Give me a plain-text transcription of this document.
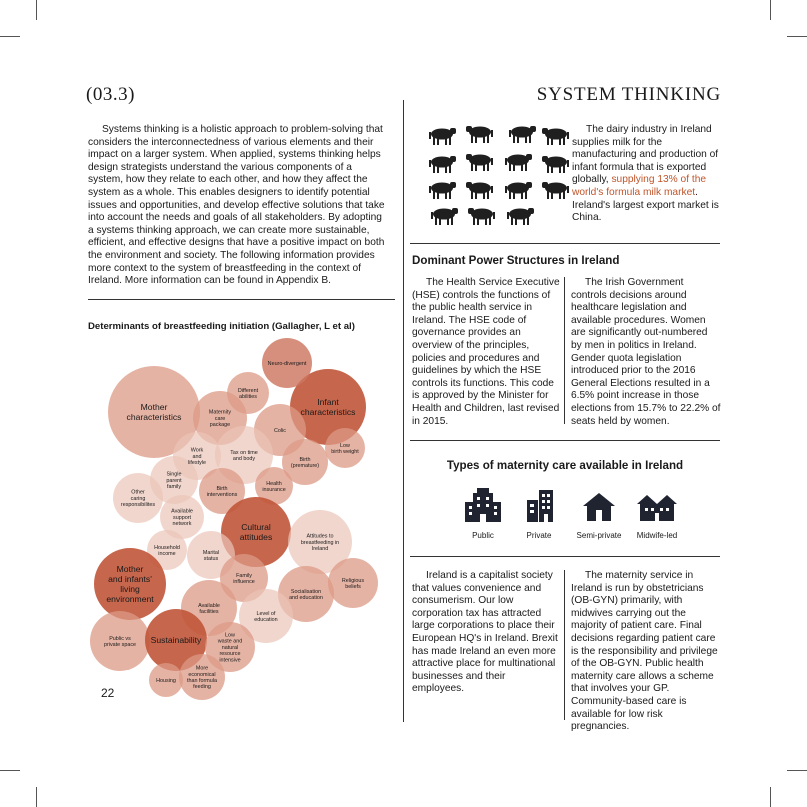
(03.3)	SYSTEM THINKING
Systems thinking is a holistic approach to problem-solving that considers the interconnectedness of various elements and their impact on a larger system. When applied, systems thinking helps design strategists understand the various components of a system, how they relate to each other, and how they affect the system as a whole. This enables designers to identify potential issues and opportunities, and develop effective solutions that take into account the needs and goals of all stakeholders. By adopting a systems thinking approach, we can create more sustainable, efficient, and effective designs that have a positive impact on both the environment and society. The following information provides more context to the system of breastfeeding in the context of Ireland. More information can be found in Appendix B.
Determinants of breastfeeding initiation (Gallagher, L et al)
Mother characteristics
Infant characteristics
Neuro-divergent
Different abilities
Maternity care package
Colic
Low birth weight
Birth (premature)
Work and lifestyle
Tax on time and body
Single parent family
Other caring responsibilites
Birth interventions
Health insurance
Available support network	Cultural attitudes	Attitudes to breastfeeding in Ireland
Household income	Marital status
Mother and infants' living environment
Family influence
Socialisation and education
Religious beliefs
Available facilities	Level of education
Public vs private space Sustainability	Low waste and natural resource intensive
Housing
More economical than formula feeding
22
The dairy industry in Ireland supplies milk for the manufacturing and production of infant formula that is exported globally, supplying 13% of the world's formula milk market. Ireland's largest export market is China.
Dominant Power Structures in Ireland
The Health Service Executive (HSE) controls the functions of the public health service in Ireland. The HSE code of governance provides an overview of the principles, policies and procedures and guidelines by which the HSE controls its functions. This code is approved by the Minister for Health and Children, last revised in 2015.
The Irish Government controls decisions around healthcare legislation and available procedures. Women are significantly out-numbered by men in politics in Ireland. Gender quota legislation introduced prior to the 2016 General Elections resulted in a 6.5% point increase in those elections from 15.7% to 22.2% of seats held by women.
Types of maternity care available in Ireland
Public	Private	Semi-private	Midwife-led
Ireland is a capitalist society that values convenience and consumerism. Our low corporation tax has attracted large corporations to place their European HQ's in Ireland. Brexit has made Ireland an even more attractive place for multinational businesses and their employees.
The maternity service in Ireland is run by obstetricians (OB-GYN) primarily, with midwives carrying out the majority of patient care. Final decisions regarding patient care is the responsibility and privilege of the OB-GYN. Public health maternity care allows a scheme that involves your GP. Community-based care is available for low risk pregnancies.
